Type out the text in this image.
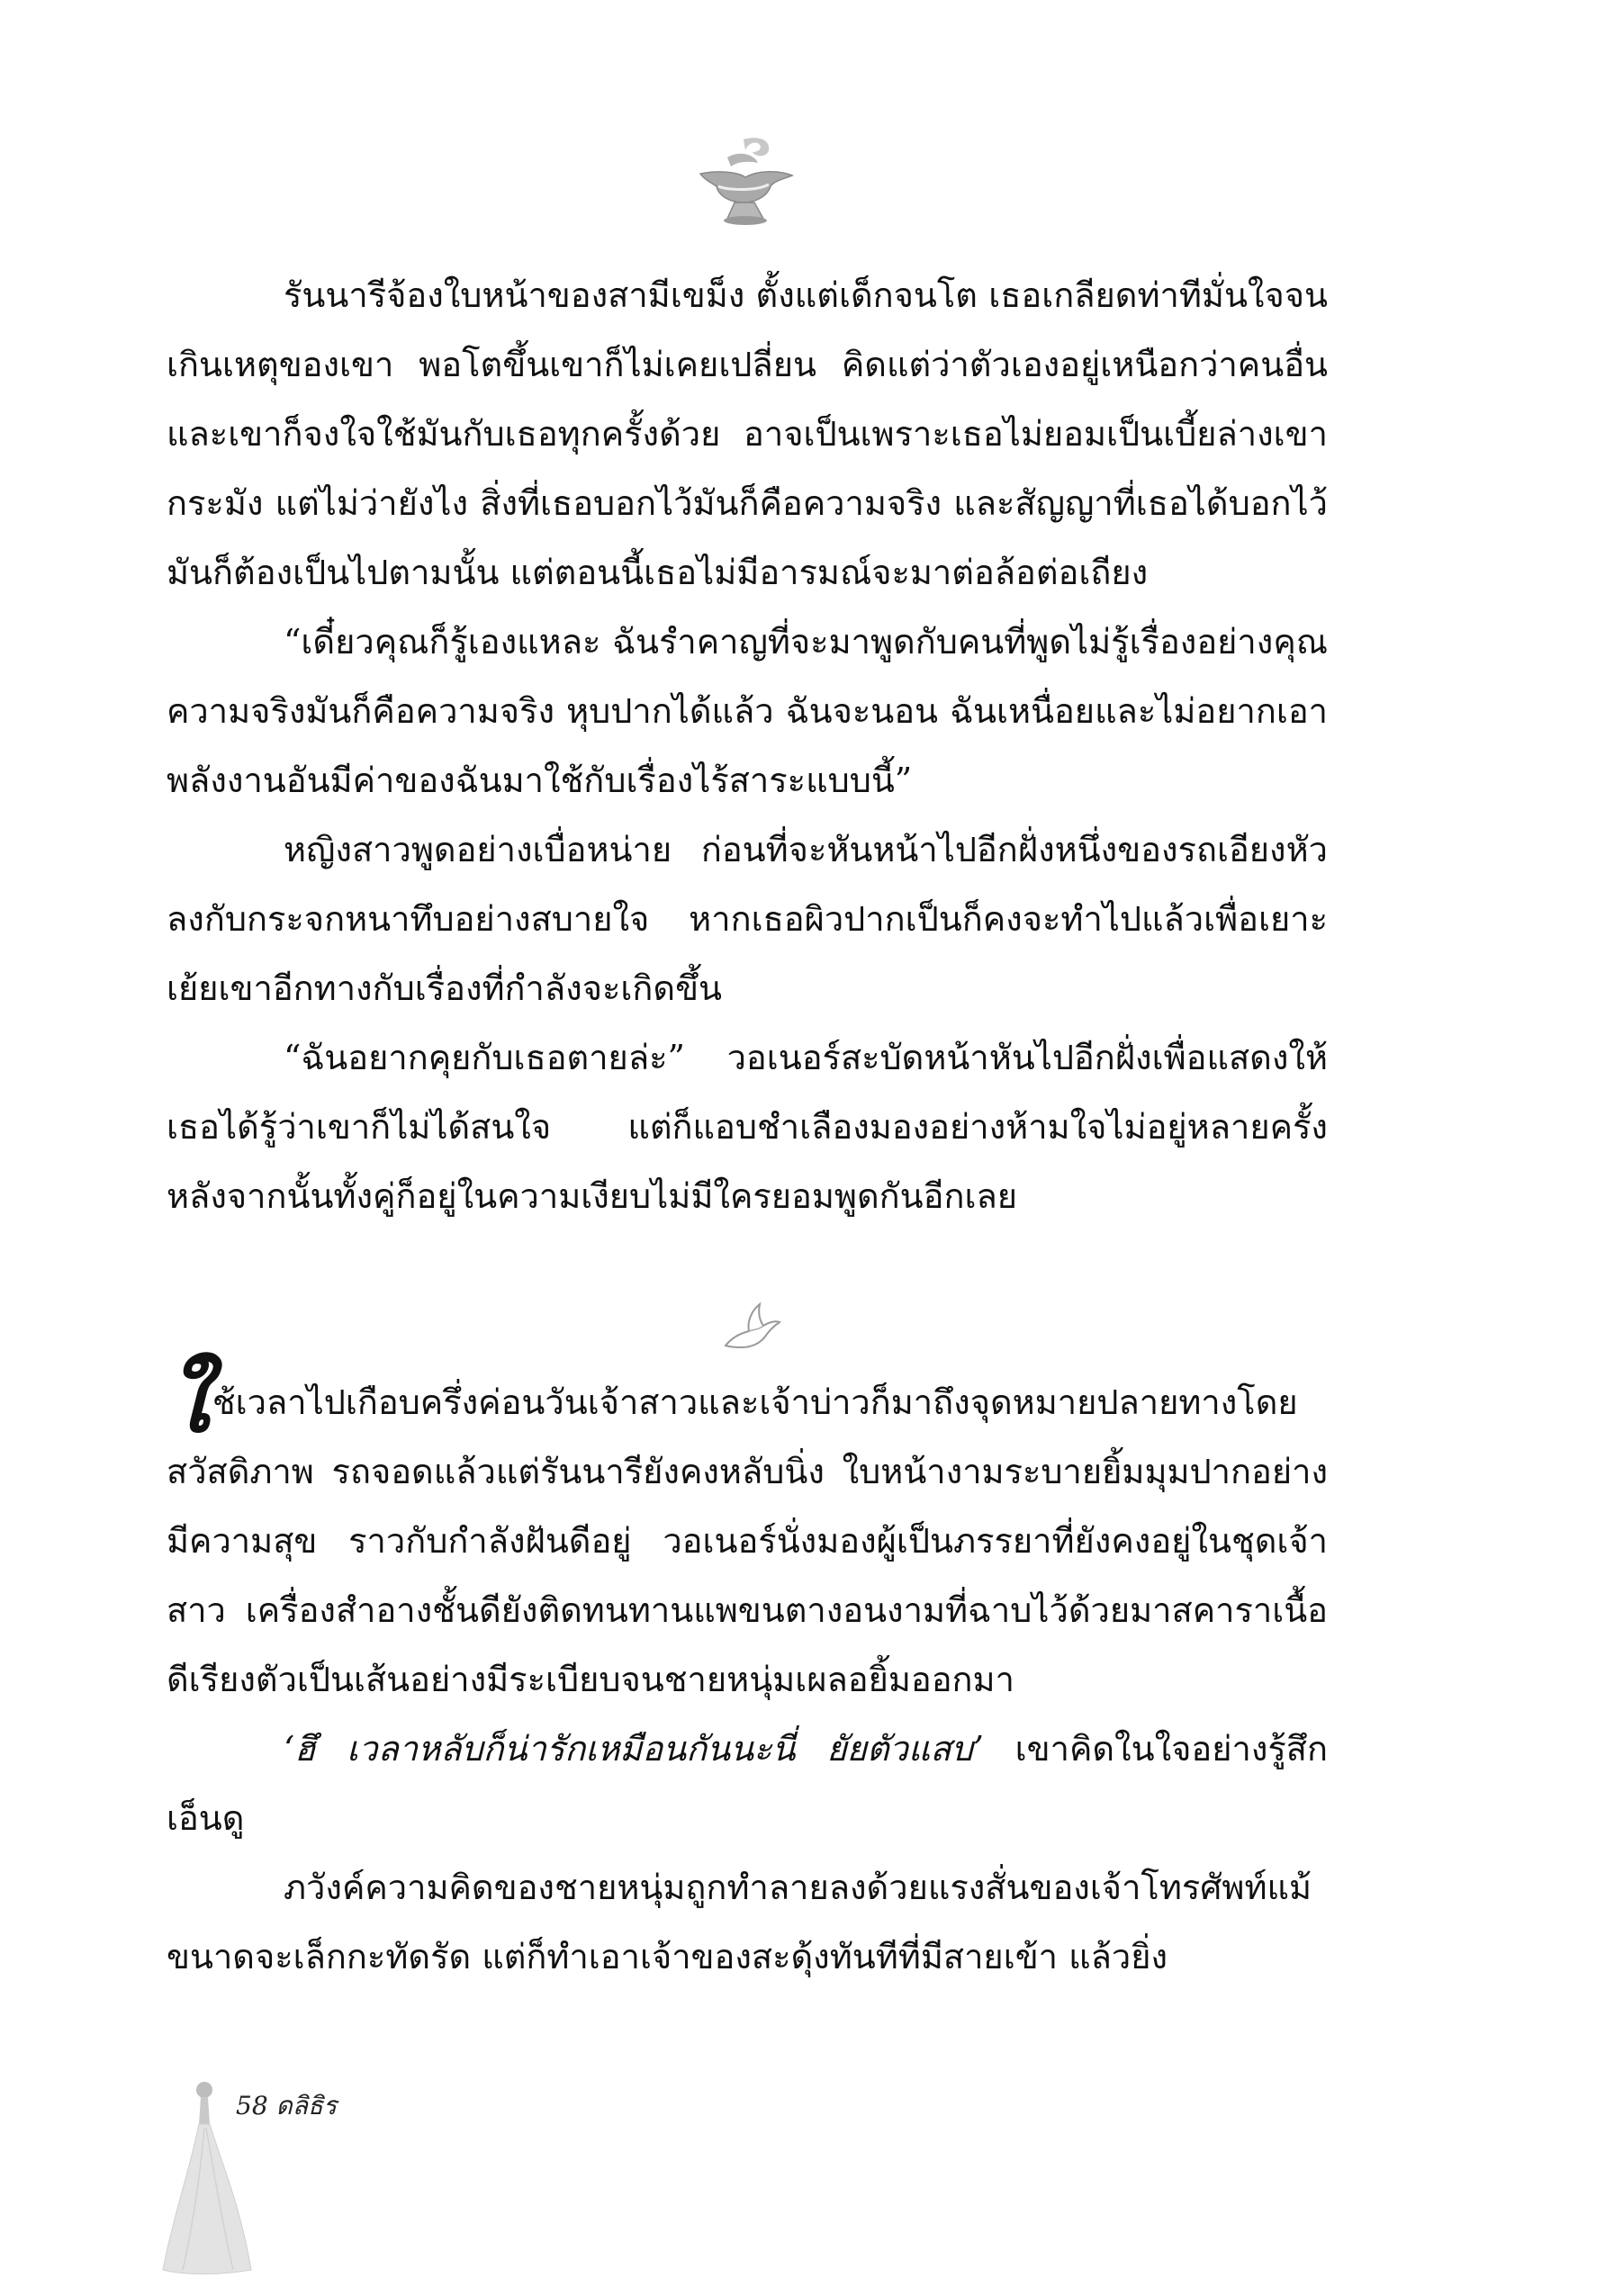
รันนารีจ้องใบหน้าของสามีเขม็ง ตั้งแต่เด็กจนโต เธอเกลียดท่าทีมั่นใจจนเกินเหตุของเขา พอโตขึ้นเขาก็ไม่เคยเปลี่ยน คิดแต่ว่าตัวเองอยู่เหนือกว่าคนอื่น และเขาก็จงใจใช้มันกับเธอทุกครั้งด้วย อาจเป็นเพราะเธอไม่ยอมเป็นเบี้ยล่างเขากระมัง แต่ไม่ว่ายังไง สิ่งที่เธอบอกไว้มันก็คือความจริง และสัญญาที่เธอได้บอกไว้มันก็ต้องเป็นไปตามนั้น แต่ตอนนี้เธอไม่มีอารมณ์จะมาต่อล้อต่อเถียง

“เดี๋ยวคุณก็รู้เองแหละ ฉันรำคาญที่จะมาพูดกับคนที่พูดไม่รู้เรื่องอย่างคุณ ความจริงมันก็คือความจริง หุบปากได้แล้ว ฉันจะนอน ฉันเหนื่อยและไม่อยากเอาพลังงานอันมีค่าของฉันมาใช้กับเรื่องไร้สาระแบบนี้”

หญิงสาวพูดอย่างเบื่อหน่าย ก่อนที่จะหันหน้าไปอีกฝั่งหนึ่งของรถเอียงหัวลงกับกระจกหนาทึบอย่างสบายใจ หากเธอผิวปากเป็นก็คงจะทำไปแล้วเพื่อเยาะเย้ยเขาอีกทางกับเรื่องที่กำลังจะเกิดขึ้น

“ฉันอยากคุยกับเธอตายล่ะ” วอเนอร์สะบัดหน้าหันไปอีกฝั่งเพื่อแสดงให้เธอได้รู้ว่าเขาก็ไม่ได้สนใจ แต่ก็แอบชำเลืองมองอย่างห้ามใจไม่อยู่หลายครั้ง หลังจากนั้นทั้งคู่ก็อยู่ในความเงียบไม่มีใครยอมพูดกันอีกเลย

ใช้เวลาไปเกือบครึ่งค่อนวันเจ้าสาวและเจ้าบ่าวก็มาถึงจุดหมายปลายทางโดยสวัสดิภาพ รถจอดแล้วแต่รันนารียังคงหลับนิ่ง ใบหน้างามระบายยิ้มมุมปากอย่างมีความสุข ราวกับกำลังฝันดีอยู่ วอเนอร์นั่งมองผู้เป็นภรรยาที่ยังคงอยู่ในชุดเจ้าสาว เครื่องสำอางชั้นดียังติดทนทานแพขนตางอนงามที่ฉาบไว้ด้วยมาสคาราเนื้อดีเรียงตัวเป็นเส้นอย่างมีระเบียบจนชายหนุ่มเผลอยิ้มออกมา

‘ฮึ เวลาหลับก็น่ารักเหมือนกันนะนี่ ยัยตัวแสบ’ เขาคิดในใจอย่างรู้สึกเอ็นดู

ภวังค์ความคิดของชายหนุ่มถูกทำลายลงด้วยแรงสั่นของเจ้าโทรศัพท์แม้ขนาดจะเล็กกะทัดรัด แต่ก็ทำเอาเจ้าของสะดุ้งทันทีที่มีสายเข้า แล้วยิ่ง

58 ดลิธิร
